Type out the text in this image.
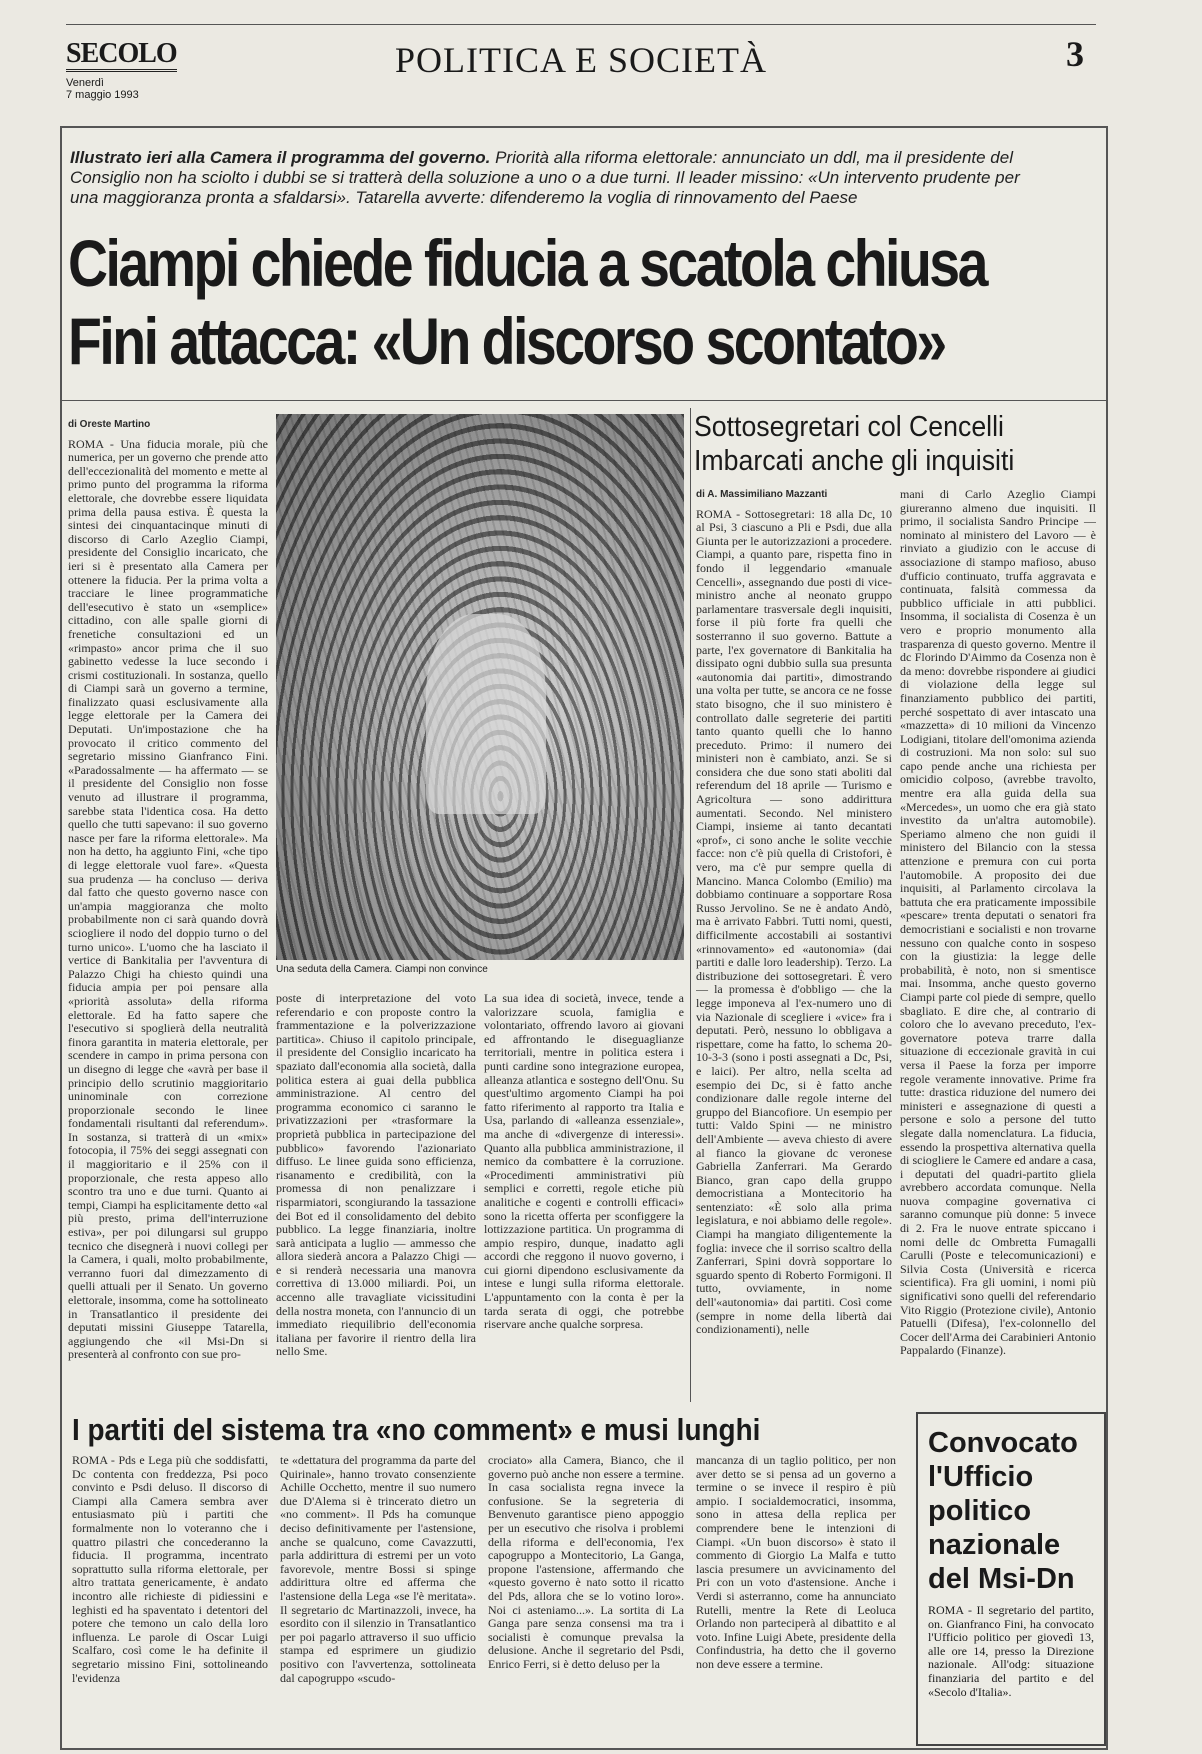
SECOLO
Venerdì
7 maggio 1993
POLITICA E SOCIETÀ	3
Illustrato ieri alla Camera il programma del governo. Priorità alla riforma elettorale: annunciato un ddl, ma il presidente del Consiglio non ha sciolto i dubbi se si tratterà della soluzione a uno o a due turni. Il leader missino: «Un intervento prudente per una maggioranza pronta a sfaldarsi». Tatarella avverte: difenderemo la voglia di rinnovamento del Paese
Ciampi chiede fiducia a scatola chiusa
Fini attacca: «Un discorso scontato»
di Oreste Martino
ROMA - Una fiducia morale, più che numerica, per un governo che prende atto dell'eccezionalità del momento e mette al primo punto del programma la riforma elettorale, che dovrebbe essere liquidata prima della pausa estiva. È questa la sintesi dei cinquantacinque minuti di discorso di Carlo Azeglio Ciampi, presidente del Consiglio incaricato, che ieri si è presentato alla Camera per ottenere la fiducia. Per la prima volta a tracciare le linee programmatiche dell'esecutivo è stato un «semplice» cittadino, con alle spalle giorni di frenetiche consultazioni ed un «rimpasto» ancor prima che il suo gabinetto vedesse la luce secondo i crismi costituzionali. In sostanza, quello di Ciampi sarà un governo a termine, finalizzato quasi esclusivamente alla legge elettorale per la Camera dei Deputati. Un'impostazione che ha provocato il critico commento del segretario missino Gianfranco Fini. «Paradossalmente — ha affermato — se il presidente del Consiglio non fosse venuto ad illustrare il programma, sarebbe stata l'identica cosa. Ha detto quello che tutti sapevano: il suo governo nasce per fare la riforma elettorale». Ma non ha detto, ha aggiunto Fini, «che tipo di legge elettorale vuol fare». «Questa sua prudenza — ha concluso — deriva dal fatto che questo governo nasce con un'ampia maggioranza che molto probabilmente non ci sarà quando dovrà sciogliere il nodo del doppio turno o del turno unico». L'uomo che ha lasciato il vertice di Bankitalia per l'avventura di Palazzo Chigi ha chiesto quindi una fiducia ampia per poi pensare alla «priorità assoluta» della riforma elettorale. Ed ha fatto sapere che l'esecutivo si spoglierà della neutralità finora garantita in materia elettorale, per scendere in campo in prima persona con un disegno di legge che «avrà per base il principio dello scrutinio maggioritario uninominale con correzione proporzionale secondo le linee fondamentali risultanti dal referendum». In sostanza, si tratterà di un «mix» fotocopia, il 75% dei seggi assegnati con il maggioritario e il 25% con il proporzionale, che resta appeso allo scontro tra uno e due turni. Quanto ai tempi, Ciampi ha esplicitamente detto «al più presto, prima dell'interruzione estiva», per poi dilungarsi sul gruppo tecnico che disegnerà i nuovi collegi per la Camera, i quali, molto probabilmente, verranno fuori dal dimezzamento di quelli attuali per il Senato. Un governo elettorale, insomma, come ha sottolineato in Transatlantico il presidente dei deputati missini Giuseppe Tatarella, aggiungendo che «il Msi-Dn si presenterà al confronto con sue pro-
Una seduta della Camera. Ciampi non convince
poste di interpretazione del voto referendario e con proposte contro la frammentazione e la polverizzazione partitica». Chiuso il capitolo principale, il presidente del Consiglio incaricato ha spaziato dall'economia alla società, dalla politica estera ai guai della pubblica amministrazione. Al centro del programma economico ci saranno le privatizzazioni per «trasformare la proprietà pubblica in partecipazione del pubblico» favorendo l'azionariato diffuso. Le linee guida sono efficienza, risanamento e credibilità, con la promessa di non penalizzare i risparmiatori, scongiurando la tassazione dei Bot ed il consolidamento del debito pubblico. La legge finanziaria, inoltre sarà anticipata a luglio — ammesso che allora siederà ancora a Palazzo Chigi — e si renderà necessaria una manovra correttiva di 13.000 miliardi. Poi, un accenno alle travagliate vicissitudini della nostra moneta, con l'annuncio di un immediato riequilibrio dell'economia italiana per favorire il rientro della lira nello Sme.
La sua idea di società, invece, tende a valorizzare scuola, famiglia e volontariato, offrendo lavoro ai giovani ed affrontando le diseguaglianze territoriali, mentre in politica estera i punti cardine sono integrazione europea, alleanza atlantica e sostegno dell'Onu. Su quest'ultimo argomento Ciampi ha poi fatto riferimento al rapporto tra Italia e Usa, parlando di «alleanza essenziale», ma anche di «divergenze di interessi». Quanto alla pubblica amministrazione, il nemico da combattere è la corruzione. «Procedimenti amministrativi più semplici e corretti, regole etiche più analitiche e cogenti e controlli efficaci» sono la ricetta offerta per sconfiggere la lottizzazione partitica. Un programma di ampio respiro, dunque, inadatto agli accordi che reggono il nuovo governo, i cui giorni dipendono esclusivamente da intese e lungi sulla riforma elettorale. L'appuntamento con la conta è per la tarda serata di oggi, che potrebbe riservare anche qualche sorpresa.
Sottosegretari col Cencelli
Imbarcati anche gli inquisiti
di A. Massimiliano Mazzanti
ROMA - Sottosegretari: 18 alla Dc, 10 al Psi, 3 ciascuno a Pli e Psdi, due alla Giunta per le autorizzazioni a procedere. Ciampi, a quanto pare, rispetta fino in fondo il leggendario «manuale Cencelli», assegnando due posti di vice-ministro anche al neonato gruppo parlamentare trasversale degli inquisiti, forse il più forte fra quelli che sosterranno il suo governo. Battute a parte, l'ex governatore di Bankitalia ha dissipato ogni dubbio sulla sua presunta «autonomia dai partiti», dimostrando una volta per tutte, se ancora ce ne fosse stato bisogno, che il suo ministero è controllato dalle segreterie dei partiti tanto quanto quelli che lo hanno preceduto. Primo: il numero dei ministeri non è cambiato, anzi. Se si considera che due sono stati aboliti dal referendum del 18 aprile — Turismo e Agricoltura — sono addirittura aumentati. Secondo. Nel ministero Ciampi, insieme ai tanto decantati «prof», ci sono anche le solite vecchie facce: non c'è più quella di Cristofori, è vero, ma c'è pur sempre quella di Mancino. Manca Colombo (Emilio) ma dobbiamo continuare a sopportare Rosa Russo Jervolino. Se ne è andato Andò, ma è arrivato Fabbri. Tutti nomi, questi, difficilmente accostabili ai sostantivi «rinnovamento» ed «autonomia» (dai partiti e dalle loro leadership). Terzo. La distribuzione dei sottosegretari. È vero — la promessa è d'obbligo — che la legge imponeva al l'ex-numero uno di via Nazionale di scegliere i «vice» fra i deputati. Però, nessuno lo obbligava a rispettare, come ha fatto, lo schema 20-10-3-3 (sono i posti assegnati a Dc, Psi, e laici). Per altro, nella scelta ad esempio dei Dc, si è fatto anche condizionare dalle regole interne del gruppo del Biancofiore. Un esempio per tutti: Valdo Spini — ne ministro dell'Ambiente — aveva chiesto di avere al fianco la giovane dc veronese Gabriella Zanferrari. Ma Gerardo Bianco, gran capo della gruppo democristiana a Montecitorio ha sentenziato: «È solo alla prima legislatura, e noi abbiamo delle regole». Ciampi ha mangiato diligentemente la foglia: invece che il sorriso scaltro della Zanferrari, Spini dovrà sopportare lo sguardo spento di Roberto Formigoni. Il tutto, ovviamente, in nome dell'«autonomia» dai partiti. Così come (sempre in nome della libertà dai condizionamenti), nelle
mani di Carlo Azeglio Ciampi giureranno almeno due inquisiti. Il primo, il socialista Sandro Principe — nominato al ministero del Lavoro — è rinviato a giudizio con le accuse di associazione di stampo mafioso, abuso d'ufficio continuato, truffa aggravata e continuata, falsità commessa da pubblico ufficiale in atti pubblici. Insomma, il socialista di Cosenza è un vero e proprio monumento alla trasparenza di questo governo. Mentre il dc Florindo D'Aimmo da Cosenza non è da meno: dovrebbe rispondere ai giudici di violazione della legge sul finanziamento pubblico dei partiti, perché sospettato di aver intascato una «mazzetta» di 10 milioni da Vincenzo Lodigiani, titolare dell'omonima azienda di costruzioni. Ma non solo: sul suo capo pende anche una richiesta per omicidio colposo, (avrebbe travolto, mentre era alla guida della sua «Mercedes», un uomo che era già stato investito da un'altra automobile). Speriamo almeno che non guidi il ministero del Bilancio con la stessa attenzione e premura con cui porta l'automobile. A proposito dei due inquisiti, al Parlamento circolava la battuta che era praticamente impossibile «pescare» trenta deputati o senatori fra democristiani e socialisti e non trovarne nessuno con qualche conto in sospeso con la giustizia: la legge delle probabilità, è noto, non si smentisce mai. Insomma, anche questo governo Ciampi parte col piede di sempre, quello sbagliato. E dire che, al contrario di coloro che lo avevano preceduto, l'ex-governatore poteva trarre dalla situazione di eccezionale gravità in cui versa il Paese la forza per imporre regole veramente innovative. Prime fra tutte: drastica riduzione del numero dei ministeri e assegnazione di questi a persone e solo a persone del tutto slegate dalla nomenclatura. La fiducia, essendo la prospettiva alternativa quella di sciogliere le Camere ed andare a casa, i deputati del quadri-partito gliela avrebbero accordata comunque. Nella nuova compagine governativa ci saranno comunque più donne: 5 invece di 2. Fra le nuove entrate spiccano i nomi delle dc Ombretta Fumagalli Carulli (Poste e telecomunicazioni) e Silvia Costa (Università e ricerca scientifica). Fra gli uomini, i nomi più significativi sono quelli del referendario Vito Riggio (Protezione civile), Antonio Patuelli (Difesa), l'ex-colonnello del Cocer dell'Arma dei Carabinieri Antonio Pappalardo (Finanze).
I partiti del sistema tra «no comment» e musi lunghi
ROMA - Pds e Lega più che soddisfatti, Dc contenta con freddezza, Psi poco convinto e Psdi deluso. Il discorso di Ciampi alla Camera sembra aver entusiasmato più i partiti che formalmente non lo voteranno che i quattro pilastri che concederanno la fiducia. Il programma, incentrato soprattutto sulla riforma elettorale, per altro trattata genericamente, è andato incontro alle richieste di pidiessini e leghisti ed ha spaventato i detentori del potere che temono un calo della loro influenza. Le parole di Oscar Luigi Scalfaro, così come le ha definite il segretario missino Fini, sottolineando l'evidenza
te «dettatura del programma da parte del Quirinale», hanno trovato consenziente Achille Occhetto, mentre il suo numero due D'Alema si è trincerato dietro un «no comment». Il Pds ha comunque deciso definitivamente per l'astensione, anche se qualcuno, come Cavazzutti, parla addirittura di estremi per un voto favorevole, mentre Bossi si spinge addirittura oltre ed afferma che l'astensione della Lega «se l'è meritata». Il segretario dc Martinazzoli, invece, ha esordito con il silenzio in Transatlantico per poi pagarlo attraverso il suo ufficio stampa ed esprimere un giudizio positivo con l'avvertenza, sottolineata dal capogruppo «scudo-
crociato» alla Camera, Bianco, che il governo può anche non essere a termine. In casa socialista regna invece la confusione. Se la segreteria di Benvenuto garantisce pieno appoggio per un esecutivo che risolva i problemi della riforma e dell'economia, l'ex capogruppo a Montecitorio, La Ganga, propone l'astensione, affermando che «questo governo è nato sotto il ricatto del Pds, allora che se lo votino loro». Noi ci asteniamo...». La sortita di La Ganga pare senza consensi ma tra i socialisti è comunque prevalsa la delusione. Anche il segretario del Psdi, Enrico Ferri, si è detto deluso per la
mancanza di un taglio politico, per non aver detto se si pensa ad un governo a termine o se invece il respiro è più ampio. I socialdemocratici, insomma, sono in attesa della replica per comprendere bene le intenzioni di Ciampi. «Un buon discorso» è stato il commento di Giorgio La Malfa e tutto lascia presumere un avvicinamento del Pri con un voto d'astensione. Anche i Verdi si asterranno, come ha annunciato Rutelli, mentre la Rete di Leoluca Orlando non parteciperà al dibattito e al voto. Infine Luigi Abete, presidente della Confindustria, ha detto che il governo non deve essere a termine.
Convocato l'Ufficio politico nazionale del Msi-Dn
ROMA - Il segretario del partito, on. Gianfranco Fini, ha convocato l'Ufficio politico per giovedì 13, alle ore 14, presso la Direzione nazionale. All'odg: situazione finanziaria del partito e del «Secolo d'Italia».
